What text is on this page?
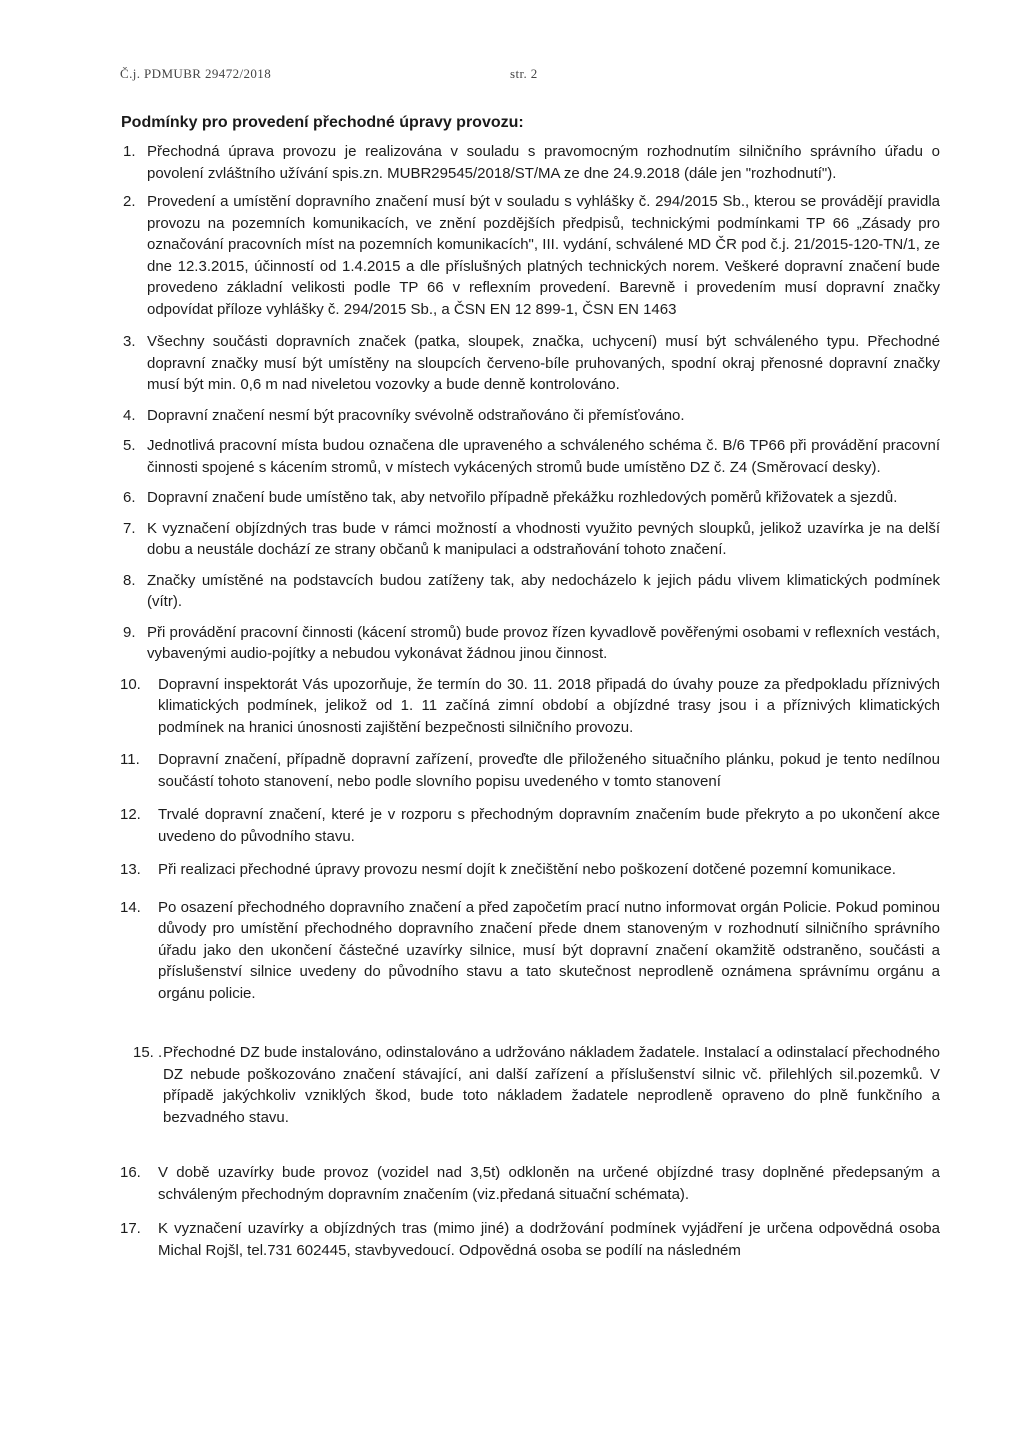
Č.j. PDMUBR 29472/2018	str. 2
Podmínky pro provedení přechodné úpravy provozu:
1. Přechodná úprava provozu je realizována v souladu s pravomocným rozhodnutím silničního správního úřadu o povolení zvláštního užívání spis.zn. MUBR29545/2018/ST/MA ze dne 24.9.2018 (dále jen "rozhodnutí").
2. Provedení a umístění dopravního značení musí být v souladu s vyhlášky č. 294/2015 Sb., kterou se provádějí pravidla provozu na pozemních komunikacích, ve znění pozdějších předpisů, technickými podmínkami TP 66 „Zásady pro označování pracovních míst na pozemních komunikacích", III. vydání, schválené MD ČR pod č.j. 21/2015-120-TN/1, ze dne 12.3.2015, účinností od 1.4.2015 a dle příslušných platných technických norem. Veškeré dopravní značení bude provedeno základní velikosti podle TP 66 v reflexním provedení. Barevně i provedením musí dopravní značky odpovídat příloze vyhlášky č. 294/2015 Sb., a ČSN EN 12 899-1, ČSN EN 1463
3. Všechny součásti dopravních značek (patka, sloupek, značka, uchycení) musí být schváleného typu. Přechodné dopravní značky musí být umístěny na sloupcích červeno-bíle pruhovaných, spodní okraj přenosné dopravní značky musí být min. 0,6 m nad niveletou vozovky a bude denně kontrolováno.
4. Dopravní značení nesmí být pracovníky svévolně odstraňováno či přemísťováno.
5. Jednotlivá pracovní místa budou označena dle upraveného a schváleného schéma č. B/6 TP66 při provádění pracovní činnosti spojené s kácením stromů, v místech vykácených stromů bude umístěno DZ č. Z4 (Směrovací desky).
6. Dopravní značení bude umístěno tak, aby netvořilo případně překážku rozhledových poměrů křižovatek a sjezdů.
7. K vyznačení objízdných tras bude v rámci možností a vhodnosti využito pevných sloupků, jelikož uzavírka je na delší dobu a neustále dochází ze strany občanů k manipulaci a odstraňování tohoto značení.
8. Značky umístěné na podstavcích budou zatíženy tak, aby nedocházelo k jejich pádu vlivem klimatických podmínek (vítr).
9. Při provádění pracovní činnosti (kácení stromů) bude provoz řízen kyvadlově pověřenými osobami v reflexních vestách, vybavenými audio-pojítky a nebudou vykonávat žádnou jinou činnost.
10. Dopravní inspektorát Vás upozorňuje, že termín do 30. 11. 2018 připadá do úvahy pouze za předpokladu příznivých klimatických podmínek, jelikož od 1. 11 začíná zimní období a objízdné trasy jsou i a příznivých klimatických podmínek na hranici únosnosti zajištění bezpečnosti silničního provozu.
11. Dopravní značení, případně dopravní zařízení, proveďte dle přiloženého situačního plánku, pokud je tento nedílnou součástí tohoto stanovení, nebo podle slovního popisu uvedeného v tomto stanovení
12. Trvalé dopravní značení, které je v rozporu s přechodným dopravním značením bude překryto a po ukončení akce uvedeno do původního stavu.
13. Při realizaci přechodné úpravy provozu nesmí dojít k znečištění nebo poškození dotčené pozemní komunikace.
14. Po osazení přechodného dopravního značení a před započetím prací nutno informovat orgán Policie. Pokud pominou důvody pro umístění přechodného dopravního značení přede dnem stanoveným v rozhodnutí silničního správního úřadu jako den ukončení částečné uzavírky silnice, musí být dopravní značení okamžitě odstraněno, součásti a příslušenství silnice uvedeny do původního stavu a tato skutečnost neprodleně oznámena správnímu orgánu a orgánu policie.
15. . Přechodné DZ bude instalováno, odinstalováno a udržováno nákladem žadatele. Instalací a odinstalací přechodného DZ nebude poškozováno značení stávající, ani další zařízení a příslušenství silnic vč. přilehlých sil.pozemků. V případě jakýchkoliv vzniklých škod, bude toto nákladem žadatele neprodleně opraveno do plně funkčního a bezvadného stavu.
16. V době uzavírky bude provoz (vozidel nad 3,5t) odkloněn na určené objízdné trasy doplněné předepsaným a schváleným přechodným dopravním značením (viz.předaná situační schémata).
17. K vyznačení uzavírky a objízdných tras (mimo jiné) a dodržování podmínek vyjádření je určena odpovědná osoba Michal Rojšl, tel.731 602445, stavbyvedoucí. Odpovědná osoba se podílí na následném
